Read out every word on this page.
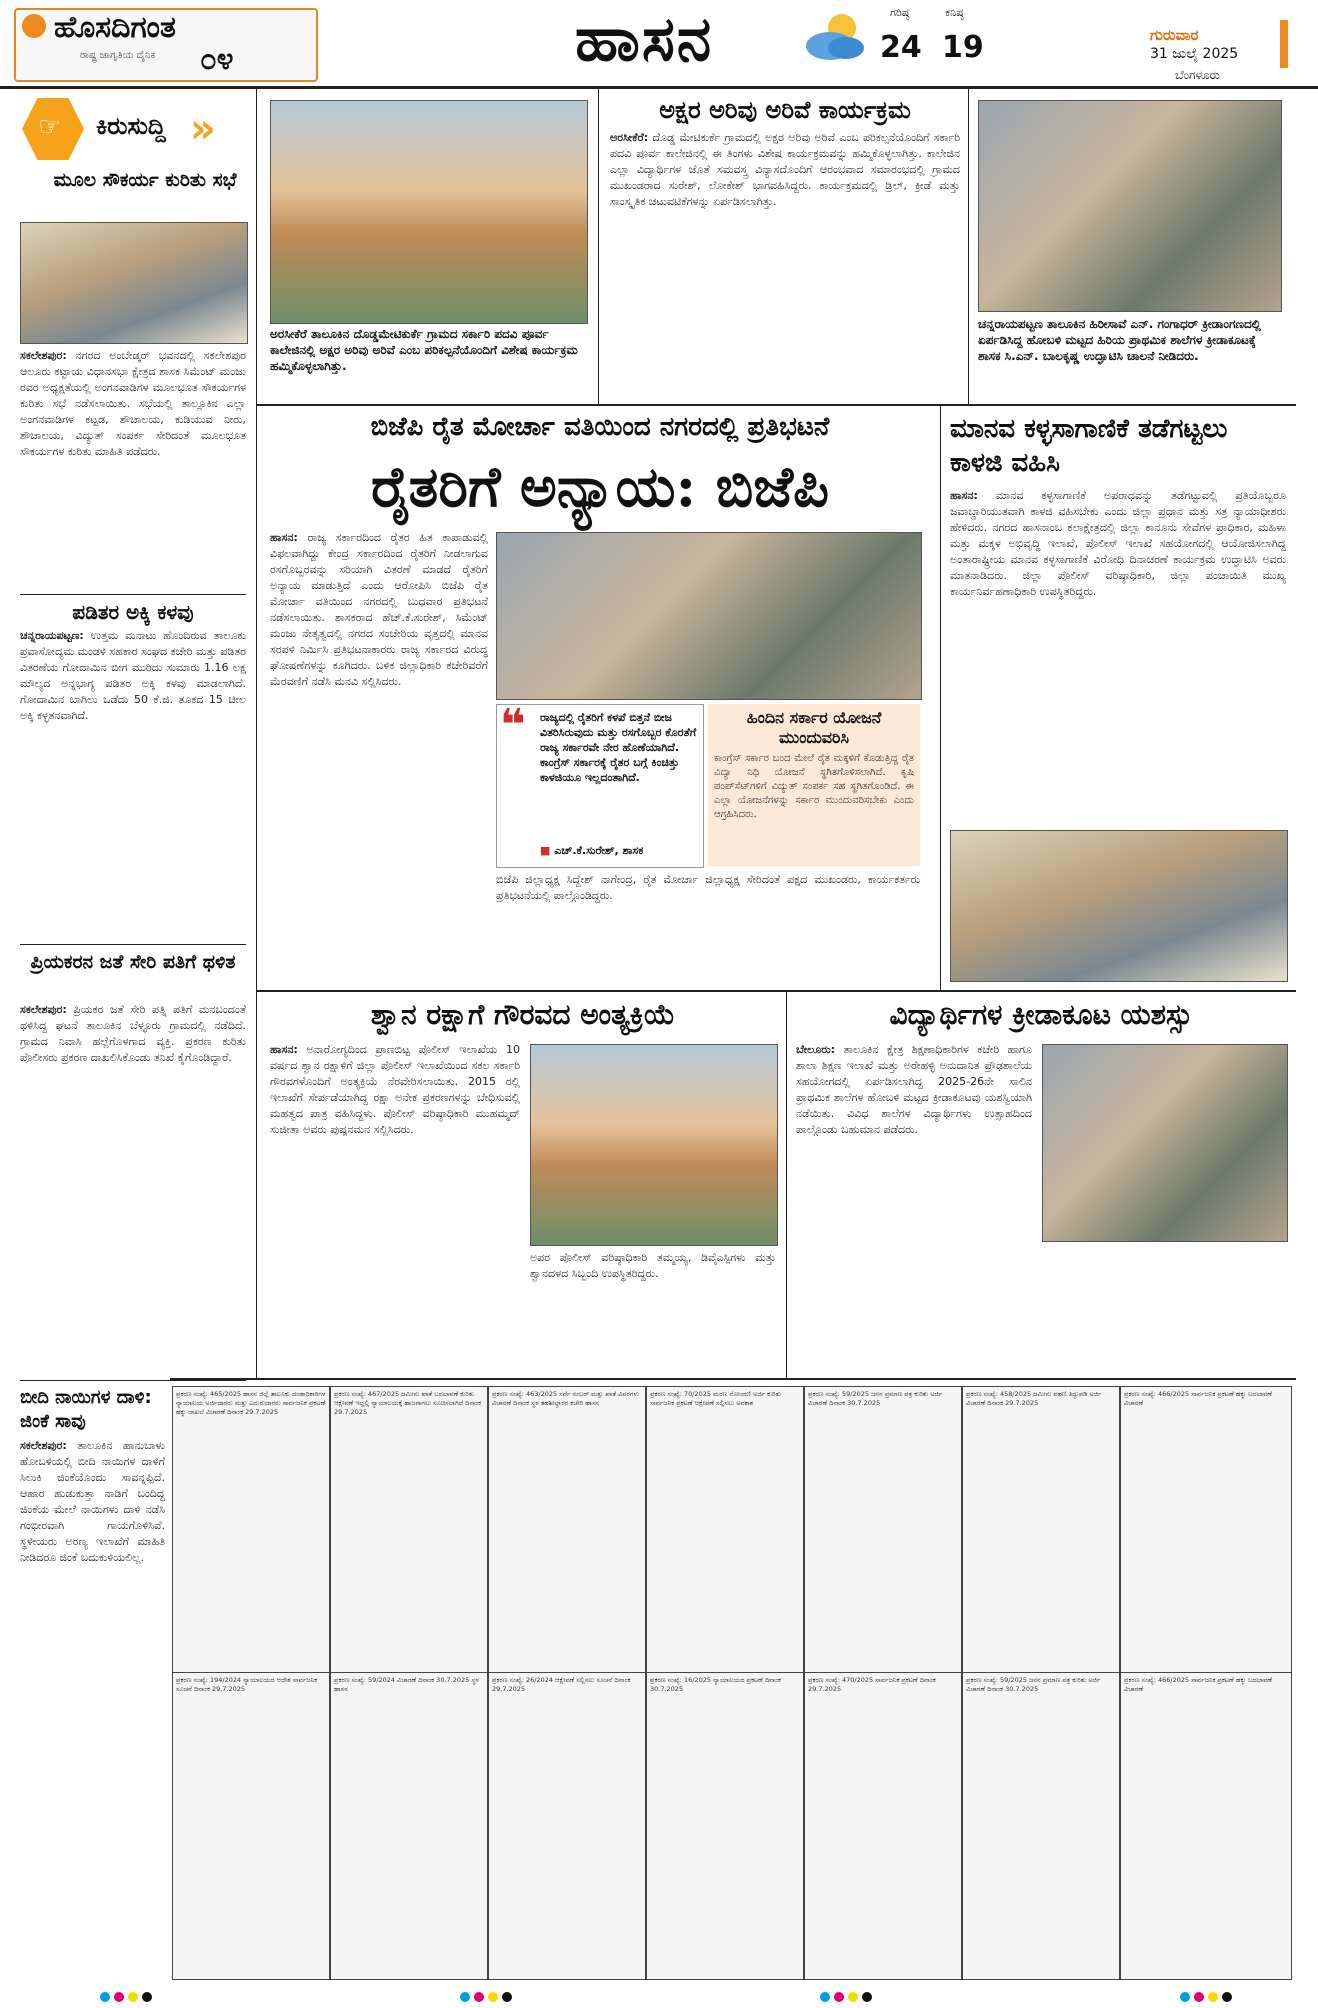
ಹೊಸದಿಗಂತ
ರಾಷ್ಟ್ರ ಜಾಗೃತಿಯ ದೈನಿಕ ೦೪	ಹಾಸನ	ಗರಿಷ್ಠ
24
ಕನಿಷ್ಠ
19	ಗುರುವಾರ
31 ಜುಲೈ 2025
ಬೆಂಗಳೂರು
☞ ಕಿರುಸುದ್ದಿ »
ಮೂಲ ಸೌಕರ್ಯ ಕುರಿತು ಸಭೆ
ಸಕಲೇಶಪುರ: ನಗರದ ಅಂಬೇಡ್ಕರ್ ಭವನದಲ್ಲಿ ಸಕಲೇಶಪುರ ಆಲೂರು ಕಟ್ಟಾಯ ವಿಧಾನಸಭಾ ಕ್ಷೇತ್ರದ ಶಾಸಕ ಸಿಮೆಂಟ್ ಮಂಜು ರವರ ಅಧ್ಯಕ್ಷತೆಯಲ್ಲಿ ಅಂಗನವಾಡಿಗಳ ಮೂಲಭೂತ ಸೌಕರ್ಯಗಳ ಕುರಿತು ಸಭೆ ನಡೆಸಲಾಯಿತು. ಸಭೆಯಲ್ಲಿ ತಾಲ್ಲೂಕಿನ ಎಲ್ಲಾ ಅಂಗನವಾಡಿಗಳ ಕಟ್ಟಡ, ಶೌಚಾಲಯ, ಕುಡಿಯುವ ನೀರು, ಶೌಚಾಲಯ, ವಿದ್ಯುತ್ ಸಂಪರ್ಕ ಸೇರಿದಂತೆ ಮೂಲಭೂತ ಸೌಕರ್ಯಗಳ ಕುರಿತು ಮಾಹಿತಿ ಪಡೆದರು.
ಪಡಿತರ ಅಕ್ಕಿ ಕಳವು
ಚನ್ನರಾಯಪಟ್ಟಣ: ಉತ್ತಮ ಮನಾಟು ಹೊಂದಿರುವ ತಾಲೂಕು ಪ್ರವಾಸೋದ್ಯಮ ಮಂಡಳಿ ಸಹಕಾರ ಸಂಘದ ಕಚೇರಿ ಮತ್ತು ಪಡಿತರ ವಿತರಣೆಯ ಗೋದಾಮಿನ ಬೀಗ ಮುರಿದು ಸುಮಾರು 1.16 ಲಕ್ಷ ಮೌಲ್ಯದ ಅನ್ನಭಾಗ್ಯ ಪಡಿತರ ಅಕ್ಕಿ ಕಳವು ಮಾಡಲಾಗಿದೆ. ಗೋದಾಮಿನ ಬಾಗಿಲು ಒಡೆದು 50 ಕೆ.ಜಿ. ತೂಕದ 15 ಚೀಲ ಅಕ್ಕಿ ಕಳ್ಳತನವಾಗಿದೆ.
ಪ್ರಿಯಕರನ ಜತೆ ಸೇರಿ ಪತಿಗೆ ಥಳಿತ
ಸಕಲೇಶಪುರ: ಪ್ರಿಯಕರ ಜತೆ ಸೇರಿ ಪತ್ನಿ ಪತಿಗೆ ಮನಬಂದಂತೆ ಥಳಿಸಿದ್ದ ಘಟನೆ ತಾಲೂಕಿನ ಬೆಳ್ಳೂರು ಗ್ರಾಮದಲ್ಲಿ ನಡೆದಿದೆ. ಗ್ರಾಮದ ನಿವಾಸಿ ಹಲ್ಲೆಗೊಳಗಾದ ವ್ಯಕ್ತಿ. ಪ್ರಕರಣ ಕುರಿತು ಪೊಲೀಸರು ಪ್ರಕರಣ ದಾಖಲಿಸಿಕೊಂಡು ತನಿಖೆ ಕೈಗೊಂಡಿದ್ದಾರೆ.
ಬೀದಿ ನಾಯಿಗಳ ದಾಳಿ: ಜಿಂಕೆ ಸಾವು
ಸಕಲೇಶಪುರ: ತಾಲೂಕಿನ ಹಾನುಬಾಳು ಹೋಬಳಿಯಲ್ಲಿ ಬೀದಿ ನಾಯಿಗಳ ದಾಳಿಗೆ ಸಿಲುಕಿ ಜಿಂಕೆಯೊಂದು ಸಾವನ್ನಪ್ಪಿದೆ. ಆಹಾರ ಹುಡುಕುತ್ತಾ ನಾಡಿಗೆ ಬಂದಿದ್ದ ಜಿಂಕೆಯ ಮೇಲೆ ನಾಯಿಗಳು ದಾಳಿ ನಡೆಸಿ ಗಂಭೀರವಾಗಿ ಗಾಯಗೊಳಿಸಿವೆ. ಸ್ಥಳೀಯರು ಅರಣ್ಯ ಇಲಾಖೆಗೆ ಮಾಹಿತಿ ನೀಡಿದರೂ ಜಿಂಕೆ ಬದುಕುಳಿಯಲಿಲ್ಲ.
ಅರಸೀಕೆರೆ ತಾಲೂಕಿನ ದೊಡ್ಡಮೇಟಿಕುರ್ಕೆ ಗ್ರಾಮದ ಸರ್ಕಾರಿ ಪದವಿ ಪೂರ್ವ ಕಾಲೇಜಿನಲ್ಲಿ ಅಕ್ಷರ ಅರಿವು ಅರಿವೆ ಎಂಬ ಪರಿಕಲ್ಪನೆಯೊಂದಿಗೆ ವಿಶೇಷ ಕಾರ್ಯಕ್ರಮ ಹಮ್ಮಿಕೊಳ್ಳಲಾಗಿತ್ತು.
ಅಕ್ಷರ ಅರಿವು ಅರಿವೆ ಕಾರ್ಯಕ್ರಮ
ಅರಸೀಕೆರೆ: ದೊಡ್ಡ ಮೇಟಿಕುರ್ಕೆ ಗ್ರಾಮದಲ್ಲಿ ಅಕ್ಷರ ಅರಿವು ಅರಿವೆ ಎಂಬ ಪರಿಕಲ್ಪನೆಯೊಂದಿಗೆ ಸರ್ಕಾರಿ ಪದವಿ ಪೂರ್ವ ಕಾಲೇಜಿನಲ್ಲಿ ಈ ತಿಂಗಳು ವಿಶೇಷ ಕಾರ್ಯಕ್ರಮವನ್ನು ಹಮ್ಮಿಕೊಳ್ಳಲಾಗಿತ್ತು. ಕಾಲೇಜಿನ ಎಲ್ಲಾ ವಿದ್ಯಾರ್ಥಿಗಳ ಜೊತೆ ಸಮವಸ್ತ್ರ ವಿನ್ಯಾಸದೊಂದಿಗೆ ಆರಂಭವಾದ ಸಮಾರಂಭದಲ್ಲಿ ಗ್ರಾಮದ ಮುಖಂಡರಾದ ಸುರೇಶ್, ಲೋಕೇಶ್ ಭಾಗವಹಿಸಿದ್ದರು. ಕಾರ್ಯಕ್ರಮದಲ್ಲಿ ಡ್ರಿಲ್, ಕ್ರೀಡೆ ಮತ್ತು ಸಾಂಸ್ಕೃತಿಕ ಚಟುವಟಿಕೆಗಳನ್ನು ಏರ್ಪಡಿಸಲಾಗಿತ್ತು.
ಚನ್ನರಾಯಪಟ್ಟಣ ತಾಲೂಕಿನ ಹಿರೀಸಾವೆ ಎನ್. ಗಂಗಾಧರ್ ಕ್ರೀಡಾಂಗಣದಲ್ಲಿ ಏರ್ಪಡಿಸಿದ್ದ ಹೋಬಳಿ ಮಟ್ಟದ ಹಿರಿಯ ಪ್ರಾಥಮಿಕ ಶಾಲೆಗಳ ಕ್ರೀಡಾಕೂಟಕ್ಕೆ ಶಾಸಕ ಸಿ.ಎನ್. ಬಾಲಕೃಷ್ಣ ಉದ್ಘಾಟಿಸಿ ಚಾಲನೆ ನೀಡಿದರು.
ಬಿಜೆಪಿ ರೈತ ಮೋರ್ಚಾ ವತಿಯಿಂದ ನಗರದಲ್ಲಿ ಪ್ರತಿಭಟನೆ
ರೈತರಿಗೆ ಅನ್ಯಾಯ: ಬಿಜೆಪಿ
ಹಾಸನ: ರಾಜ್ಯ ಸರ್ಕಾರದಿಂದ ರೈತರ ಹಿತ ಕಾಪಾಡುವಲ್ಲಿ ವಿಫಲವಾಗಿದ್ದು ಕೇಂದ್ರ ಸರ್ಕಾರದಿಂದ ರೈತರಿಗೆ ನೀಡಲಾಗುವ ರಸಗೊಬ್ಬರವನ್ನು ಸರಿಯಾಗಿ ವಿತರಣೆ ಮಾಡದೆ ರೈತರಿಗೆ ಅನ್ಯಾಯ ಮಾಡುತ್ತಿದೆ ಎಂದು ಆರೋಪಿಸಿ ಬಿಜೆಪಿ ರೈತ ಮೋರ್ಚಾ ವತಿಯಿಂದ ನಗರದಲ್ಲಿ ಬುಧವಾರ ಪ್ರತಿಭಟನೆ ನಡೆಸಲಾಯಿತು. ಶಾಸಕರಾದ ಹೆಚ್.ಕೆ.ಸುರೇಶ್, ಸಿಮೆಂಟ್ ಮಂಜು ನೇತೃತ್ವದಲ್ಲಿ ನಗರದ ಸಂಚೇರಿಯ ವೃತ್ತದಲ್ಲಿ ಮಾನವ ಸರಪಳಿ ನಿರ್ಮಿಸಿ ಪ್ರತಿಭಟನಾಕಾರರು ರಾಜ್ಯ ಸರ್ಕಾರದ ವಿರುದ್ಧ ಘೋಷಣೆಗಳನ್ನು ಕೂಗಿದರು. ಬಳಿಕ ಜಿಲ್ಲಾಧಿಕಾರಿ ಕಚೇರಿವರೆಗೆ ಮೆರವಣಿಗೆ ನಡೆಸಿ ಮನವಿ ಸಲ್ಲಿಸಿದರು.
❝ ರಾಜ್ಯದಲ್ಲಿ ರೈತರಿಗೆ ಕಳಪೆ ಬಿತ್ತನೆ ಬೀಜ ವಿತರಿಸಿರುವುದು ಮತ್ತು ರಸಗೊಬ್ಬರ ಕೊರತೆಗೆ ರಾಜ್ಯ ಸರ್ಕಾರವೇ ನೇರ ಹೊಣೆಯಾಗಿದೆ. ಕಾಂಗ್ರೆಸ್ ಸರ್ಕಾರಕ್ಕೆ ರೈತರ ಬಗ್ಗೆ ಕಿಂಚಿತ್ತು ಕಾಳಜಿಯೂ ಇಲ್ಲದಂತಾಗಿದೆ.
■ ಎಚ್.ಕೆ.ಸುರೇಶ್, ಶಾಸಕ
ಹಿಂದಿನ ಸರ್ಕಾರ ಯೋಜನೆ ಮುಂದುವರಿಸಿ
ಕಾಂಗ್ರೆಸ್ ಸರ್ಕಾರ ಬಂದ ಮೇಲೆ ರೈತ ಮಕ್ಕಳಿಗೆ ಕೊಡುತ್ತಿದ್ದ ರೈತ ವಿದ್ಯಾ ನಿಧಿ ಯೋಜನೆ ಸ್ಥಗಿತಗೊಳಿಸಲಾಗಿದೆ. ಕೃಷಿ ಪಂಪ್‌ಸೆಟ್‌ಗಳಿಗೆ ವಿದ್ಯುತ್ ಸಂಪರ್ಕ ಸಹ ಸ್ಥಗಿತಗೊಂಡಿದೆ. ಈ ಎಲ್ಲಾ ಯೋಜನೆಗಳನ್ನು ಸರ್ಕಾರ ಮುಂದುವರಿಸಬೇಕು ಎಂದು ಆಗ್ರಹಿಸಿದರು.
ಬಿಜೆಪಿ ಜಿಲ್ಲಾಧ್ಯಕ್ಷ ಸಿದ್ದೇಶ್ ನಾಗೇಂದ್ರ, ರೈತ ಮೋರ್ಚಾ ಜಿಲ್ಲಾಧ್ಯಕ್ಷ ಸೇರಿದಂತೆ ಪಕ್ಷದ ಮುಖಂಡರು, ಕಾರ್ಯಕರ್ತರು ಪ್ರತಿಭಟನೆಯಲ್ಲಿ ಪಾಲ್ಗೊಂಡಿದ್ದರು.
ಮಾನವ ಕಳ್ಳಸಾಗಾಣಿಕೆ ತಡೆಗಟ್ಟಲು ಕಾಳಜಿ ವಹಿಸಿ
ಹಾಸನ: ಮಾನವ ಕಳ್ಳಸಾಗಾಣಿಕೆ ಅಪರಾಧವನ್ನು ತಡೆಗಟ್ಟುವಲ್ಲಿ ಪ್ರತಿಯೊಬ್ಬರೂ ಜವಾಬ್ದಾರಿಯುತವಾಗಿ ಕಾಳಜಿ ವಹಿಸಬೇಕು ಎಂದು ಜಿಲ್ಲಾ ಪ್ರಧಾನ ಮತ್ತು ಸತ್ರ ನ್ಯಾಯಾಧೀಶರು ಹೇಳಿದರು. ನಗರದ ಹಾಸನಾಂಬ ಕಲಾಕ್ಷೇತ್ರದಲ್ಲಿ ಜಿಲ್ಲಾ ಕಾನೂನು ಸೇವೆಗಳ ಪ್ರಾಧಿಕಾರ, ಮಹಿಳಾ ಮತ್ತು ಮಕ್ಕಳ ಅಭಿವೃದ್ಧಿ ಇಲಾಖೆ, ಪೊಲೀಸ್ ಇಲಾಖೆ ಸಹಯೋಗದಲ್ಲಿ ಆಯೋಜಿಸಲಾಗಿದ್ದ ಅಂತಾರಾಷ್ಟ್ರೀಯ ಮಾನವ ಕಳ್ಳಸಾಗಾಣಿಕೆ ವಿರೋಧಿ ದಿನಾಚರಣೆ ಕಾರ್ಯಕ್ರಮ ಉದ್ಘಾಟಿಸಿ ಅವರು ಮಾತನಾಡಿದರು. ಜಿಲ್ಲಾ ಪೊಲೀಸ್ ವರಿಷ್ಠಾಧಿಕಾರಿ, ಜಿಲ್ಲಾ ಪಂಚಾಯಿತಿ ಮುಖ್ಯ ಕಾರ್ಯನಿರ್ವಹಣಾಧಿಕಾರಿ ಉಪಸ್ಥಿತರಿದ್ದರು.
ಶ್ವಾನ ರಕ್ಷಾಗೆ ಗೌರವದ ಅಂತ್ಯಕ್ರಿಯೆ
ಹಾಸನ: ಅನಾರೋಗ್ಯದಿಂದ ಪ್ರಾಣಬಿಟ್ಟ ಪೊಲೀಸ್ ಇಲಾಖೆಯ 10 ವರ್ಷದ ಶ್ವಾನ ರಕ್ಷಾಳಿಗೆ ಜಿಲ್ಲಾ ಪೊಲೀಸ್ ಇಲಾಖೆಯಿಂದ ಸಕಲ ಸರ್ಕಾರಿ ಗೌರವಗಳೊಂದಿಗೆ ಅಂತ್ಯಕ್ರಿಯೆ ನೆರವೇರಿಸಲಾಯಿತು. 2015 ರಲ್ಲಿ ಇಲಾಖೆಗೆ ಸೇರ್ಪಡೆಯಾಗಿದ್ದ ರಕ್ಷಾ ಅನೇಕ ಪ್ರಕರಣಗಳನ್ನು ಬೇಧಿಸುವಲ್ಲಿ ಮಹತ್ವದ ಪಾತ್ರ ವಹಿಸಿದ್ದಳು. ಪೊಲೀಸ್ ವರಿಷ್ಠಾಧಿಕಾರಿ ಮುಹಮ್ಮದ್ ಸುಜೀತಾ ಅವರು ಪುಷ್ಪನಮನ ಸಲ್ಲಿಸಿದರು.
ಅಪರ ಪೊಲೀಸ್ ವರಿಷ್ಠಾಧಿಕಾರಿ ತಮ್ಮಯ್ಯ, ಡಿವೈಎಸ್ಪಿಗಳು ಮತ್ತು ಶ್ವಾನದಳದ ಸಿಬ್ಬಂದಿ ಉಪಸ್ಥಿತರಿದ್ದರು.
ವಿದ್ಯಾರ್ಥಿಗಳ ಕ್ರೀಡಾಕೂಟ ಯಶಸ್ಸು
ಬೇಲೂರು: ತಾಲೂಕಿನ ಕ್ಷೇತ್ರ ಶಿಕ್ಷಣಾಧಿಕಾರಿಗಳ ಕಚೇರಿ ಹಾಗೂ ಶಾಲಾ ಶಿಕ್ಷಣ ಇಲಾಖೆ ಮತ್ತು ಅರೇಹಳ್ಳಿ ಅನುದಾನಿತ ಪ್ರೌಢಶಾಲೆಯ ಸಹಯೋಗದಲ್ಲಿ ಏರ್ಪಡಿಸಲಾಗಿದ್ದ 2025-26ನೇ ಸಾಲಿನ ಪ್ರಾಥಮಿಕ ಶಾಲೆಗಳ ಹೋಬಳಿ ಮಟ್ಟದ ಕ್ರೀಡಾಕೂಟವು ಯಶಸ್ವಿಯಾಗಿ ನಡೆಯಿತು. ವಿವಿಧ ಶಾಲೆಗಳ ವಿದ್ಯಾರ್ಥಿಗಳು ಉತ್ಸಾಹದಿಂದ ಪಾಲ್ಗೊಂಡು ಬಹುಮಾನ ಪಡೆದರು.
ಪ್ರಕರಣ ಸಂಖ್ಯೆ: 465/2025 ಹಾಸನ ಜಿಲ್ಲೆ ತಾಲೂಕು ದಂಡಾಧಿಕಾರಿಗಳ ನ್ಯಾಯಾಲಯ ಅರ್ಜಿದಾರರು ಮತ್ತು ಎದುರುದಾರರು ಸಾರ್ವಜನಿಕ ಪ್ರಕಟಣೆ ಹಕ್ಕು ದಾಖಲೆ ವಿಚಾರಣೆ ದಿನಾಂಕ 29.7.2025
ಪ್ರಕರಣ ಸಂಖ್ಯೆ: 467/2025 ಜಮೀನು ಖಾತೆ ಬದಲಾವಣೆ ಕುರಿತು ಆಕ್ಷೇಪಣೆ ಇದ್ದಲ್ಲಿ ನ್ಯಾಯಾಲಯಕ್ಕೆ ಹಾಜರಾಗಲು ಸೂಚಿಸಲಾಗಿದೆ ದಿನಾಂಕ 29.7.2025
ಪ್ರಕರಣ ಸಂಖ್ಯೆ: 463/2025 ಸರ್ವೆ ನಂಬರ್ ಮತ್ತು ಖಾತೆ ವಿವರಗಳು ವಿಚಾರಣೆ ದಿನಾಂಕ ಸ್ಥಳ ತಹಶೀಲ್ದಾರರ ಕಚೇರಿ ಹಾಸನ
ಪ್ರಕರಣ ಸಂಖ್ಯೆ: 70/2025 ಮರಣ ನೋಂದಣಿ ಅರ್ಜಿ ಕುರಿತು ಸಾರ್ವಜನಿಕ ಪ್ರಕಟಣೆ ಆಕ್ಷೇಪಣೆ ಸಲ್ಲಿಸಲು ಅವಕಾಶ
ಪ್ರಕರಣ ಸಂಖ್ಯೆ: 59/2025 ಜನನ ಪ್ರಮಾಣ ಪತ್ರ ಕುರಿತು ಅರ್ಜಿ ವಿಚಾರಣೆ ದಿನಾಂಕ 30.7.2025
ಪ್ರಕರಣ ಸಂಖ್ಯೆ: 458/2025 ಜಮೀನು ಪಹಣಿ ತಿದ್ದುಪಡಿ ಅರ್ಜಿ ವಿಚಾರಣೆ ದಿನಾಂಕ 29.7.2025
ಪ್ರಕರಣ ಸಂಖ್ಯೆ: 466/2025 ಸಾರ್ವಜನಿಕ ಪ್ರಕಟಣೆ ಹಕ್ಕು ಬದಲಾವಣೆ ವಿಚಾರಣೆ
ಪ್ರಕರಣ ಸಂಖ್ಯೆ: 194/2024 ನ್ಯಾಯಾಲಯದ ಆದೇಶ ಸಾರ್ವಜನಿಕ ಸೂಚನೆ ದಿನಾಂಕ 29.7.2025
ಪ್ರಕರಣ ಸಂಖ್ಯೆ: 59/2024 ವಿಚಾರಣೆ ದಿನಾಂಕ 30.7.2025 ಸ್ಥಳ ಹಾಸನ
ಪ್ರಕರಣ ಸಂಖ್ಯೆ: 26/2024 ಆಕ್ಷೇಪಣೆ ಸಲ್ಲಿಸಲು ಸೂಚನೆ ದಿನಾಂಕ 29.7.2025
ಪ್ರಕರಣ ಸಂಖ್ಯೆ: 16/2025 ನ್ಯಾಯಾಲಯದ ಪ್ರಕಟಣೆ ದಿನಾಂಕ 30.7.2025
ಪ್ರಕರಣ ಸಂಖ್ಯೆ: 470/2025 ಸಾರ್ವಜನಿಕ ಪ್ರಕಟಣೆ ದಿನಾಂಕ 29.7.2025
ಪ್ರಕರಣ ಸಂಖ್ಯೆ: 59/2025 ಜನನ ಪ್ರಮಾಣ ಪತ್ರ ಕುರಿತು ಅರ್ಜಿ ವಿಚಾರಣೆ ದಿನಾಂಕ 30.7.2025
ಪ್ರಕರಣ ಸಂಖ್ಯೆ: 466/2025 ಸಾರ್ವಜನಿಕ ಪ್ರಕಟಣೆ ಹಕ್ಕು ಬದಲಾವಣೆ ವಿಚಾರಣೆ
